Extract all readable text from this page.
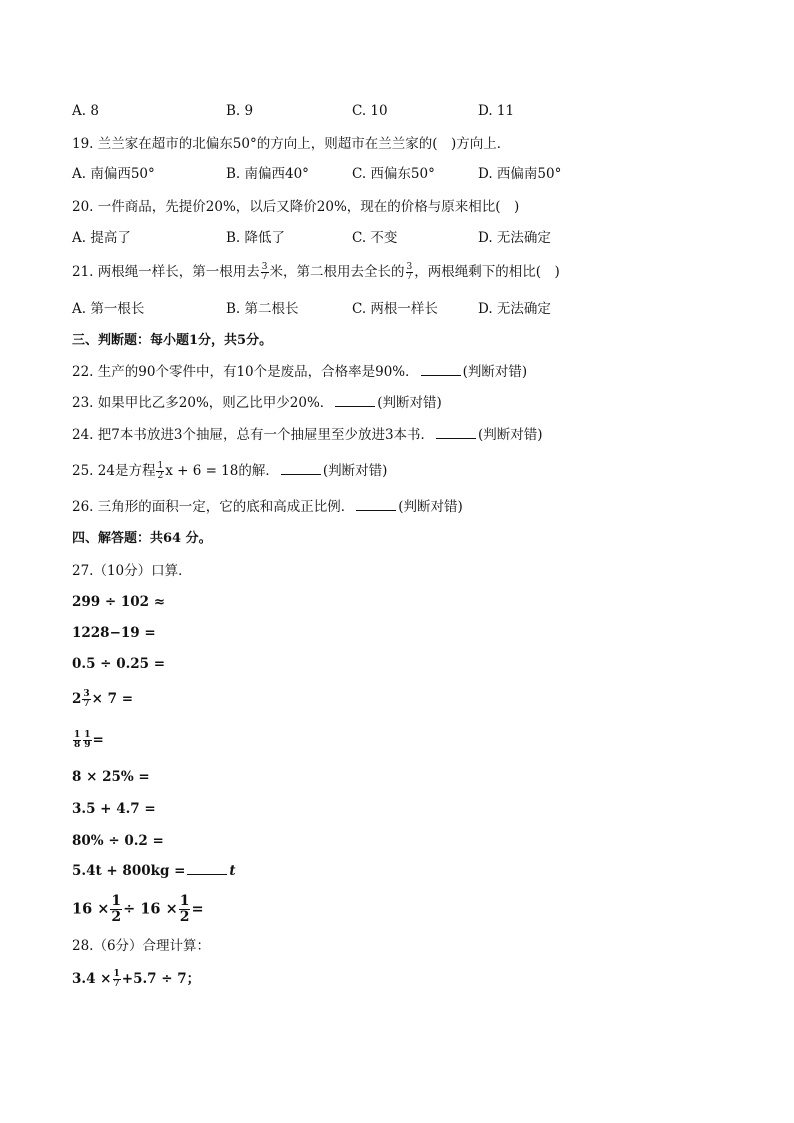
A. 8	B. 9	C. 10	D. 11
19. 兰兰家在超市的北偏东50°的方向上，则超市在兰兰家的(　)方向上．
A. 南偏西50°	B. 南偏西40°	C. 西偏东50°	D. 西偏南50°
20. 一件商品，先提价20%，以后又降价20%，现在的价格与原来相比(　)
A. 提高了	B. 降低了	C. 不变	D. 无法确定
21. 两根绳一样长，第一根用去 $\frac{3}{7}$ 米，第二根用去全长的 $\frac{3}{7}$ ，两根绳剩下的相比(　)
A. 第一根长	B. 第二根长	C. 两根一样长	D. 无法确定
三、判断题：每小题1分，共5分。
22. 生产的90个零件中，有10个是废品，合格率是90%．	(判断对错)
23. 如果甲比乙多20%，则乙比甲少20%．	(判断对错)
24. 把7本书放进3个抽屉，总有一个抽屉里至少放进3本书．	(判断对错)
25. 24是方程 $\frac{1}{2}$ x + 6 = 18的解．	(判断对错)
26. 三角形的面积一定，它的底和高成正比例．	(判断对错)
四、解答题：共64 分。
27.（10分）口算．
299 ÷ 102 ≈
1228−19 =
0.5 ÷ 0.25 =
$2 \frac{3}{7} \times 7$ =
$\frac{1}{8} \frac{1}{9}$ =
8 × 25% =
3.5 + 4.7 =
80% ÷ 0.2 =
5.4t + 800kg =	t
$16 \times \frac{1}{2} \div 16 \times \frac{1}{2}$ =
28.（6分）合理计算：
$3.4 \times \frac{1}{7} +5.7 \div 7$；
